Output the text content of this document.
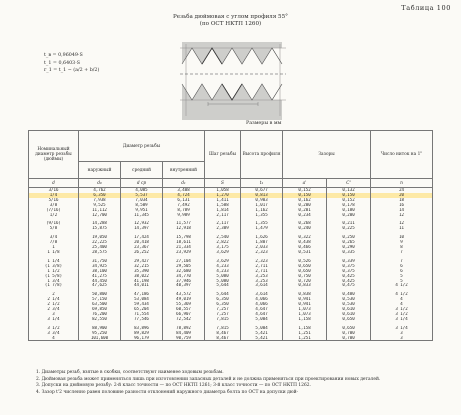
Таблица 100
Резьба дюймовая с углом профиля 55°
(по ОСТ НКТП 1260)
t_в = 0,96049·S
t_1 = 0,6403·S
r_1 = t_1 − (a/2 + b/2)
Размеры в мм
Номинальный диаметр резьбы (дюймы)	Диаметр резьбы			Шаг резьбы	Высота профиля	Зазоры		Число ниток на 1"
	наружный	средний	внутренний					
d	d₀	d ср	d₁	S	t₁	a'	C'	n
3/16	4,762	4,085	3,408	1,058	0,677	0,152	0,132	24
1/4	6,350	5,537	4,724	1,270	0,813	0,150	0,150	20
5/16	7,938	7,034	6,131	1,411	0,903	0,162	0,152	18
3/8	9,525	8,509	7,492	1,588	1,017	0,200	0,178	16
(7/16)	11,112	9,951	8,789	1,814	1,162	0,201	0,180	14
1/2	12,700	11,345	9,989	2,117	1,355	0,234	0,200	12

(9/16)	14,288	12,932	11,577	2,117	1,355	0,268	0,211	12
5/8	15,875	14,397	12,918	2,309	1,479	0,240	0,225	11

3/4	19,050	17,424	15,798	2,540	1,626	0,322	0,250	10
7/8	22,225	20,418	18,611	2,822	1,807	0,438	0,265	9
1	25,400	23,367	21,334	3,175	2,033	0,466	0,290	8
1 1/8	28,575	26,252	23,929	3,629	2,323	0,531	0,335	7

1 1/4	31,750	29,427	27,104	3,629	2,323	0,526	0,339	7
(1 3/8)	34,925	32,215	29,505	4,233	2,711	0,650	0,375	6
1 1/2	38,100	35,390	32,680	4,233	2,711	0,650	0,375	6
(1 5/8)	41,275	38,022	34,770	5,080	3,253	0,750	0,425	5
1 3/4	44,450	41,198	37,946	5,080	3,253	0,720	0,425	5
(1 7/8)	47,625	44,011	40,397	5,644	3,614	0,833	0,475	4 1/2

2	50,800	47,186	43,572	5,644	3,614	0,838	0,480	4 1/2
2 1/4	57,150	53,084	49,019	6,350	4,066	0,941	0,530	4
2 1/2	63,500	59,434	55,369	6,350	4,066	0,941	0,530	4
2 3/4	69,850	65,204	60,557	7,257	4,647	1,073	0,610	3 1/2
3	76,200	71,554	66,907	7,257	4,647	1,073	0,610	3 1/2
3 1/4	82,550	77,546	72,542	7,815	5,004	1,158	0,650	3 1/4

3 1/2	88,900	83,896	78,892	7,815	5,004	1,158	0,650	3 1/4
3 3/4	95,250	89,829	84,409	8,467	5,421	1,251	0,700	3
4	101,600	96,179	90,759	8,467	5,421	1,251	0,700	3

1. Диаметры резьб, взятые в скобки, соответствуют наименее ходовым резьбам.

2. Дюймовая резьба может применяться лишь при изготовлении запасных деталей и не должна применяться при проектировании новых деталей.

3. Допуски на дюймовую резьбу: 2-й класс точности — по ОСТ НКТП 1261; 3-й класс точности — по ОСТ НКТП 1262.

4. Зазор t'2 численно равен половине разности отклонений наружного диаметра болта по ОСТ на допуски дюй-
